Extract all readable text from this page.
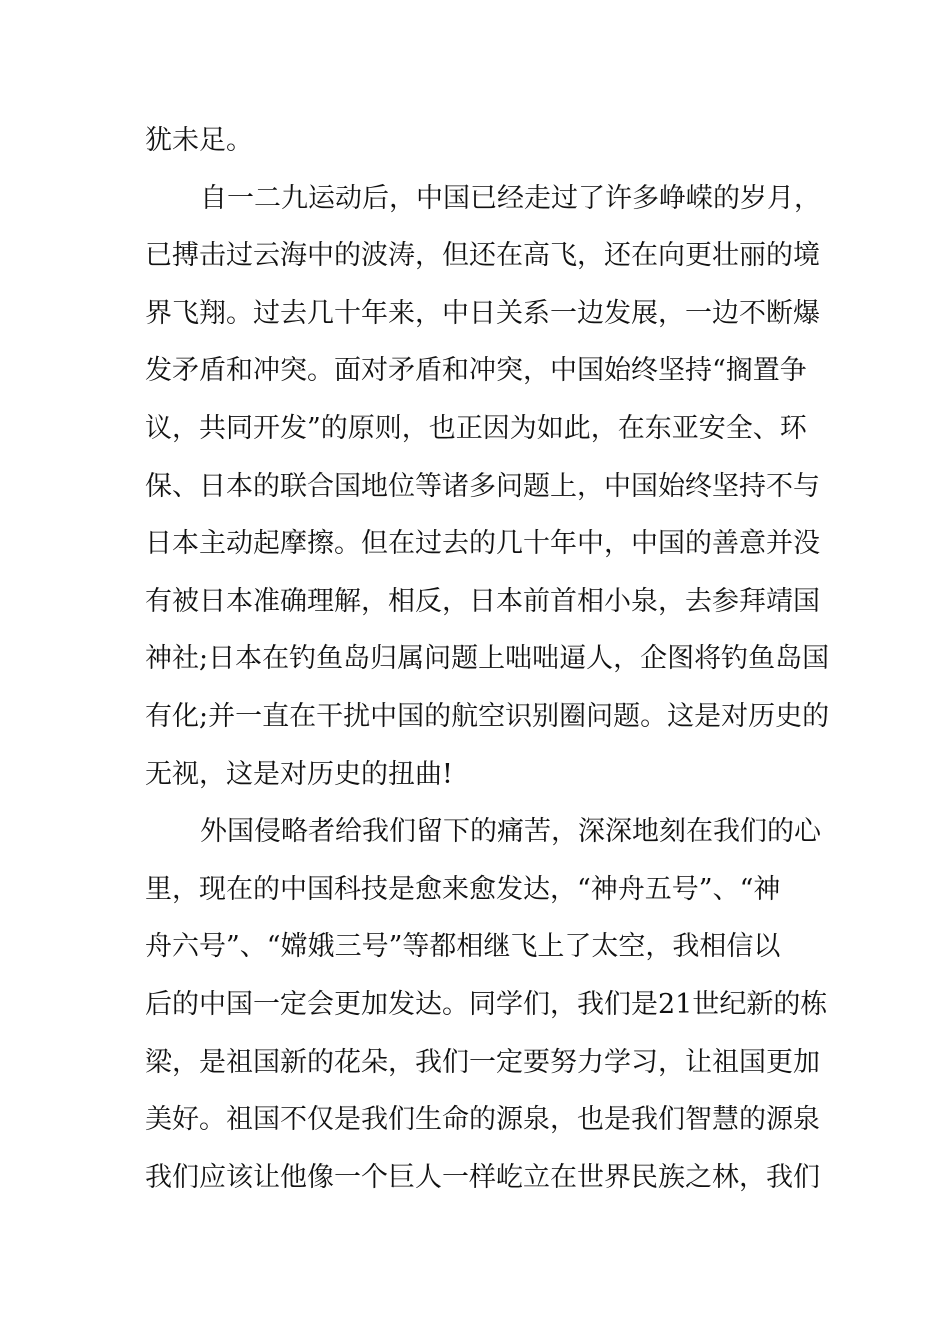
犹未足。
自一二九运动后，中国已经走过了许多峥嵘的岁月，
已搏击过云海中的波涛，但还在高飞，还在向更壮丽的境
界飞翔。过去几十年来，中日关系一边发展，一边不断爆
发矛盾和冲突。面对矛盾和冲突，中国始终坚持“搁置争
议，共同开发”的原则，也正因为如此，在东亚安全、环
保、日本的联合国地位等诸多问题上，中国始终坚持不与
日本主动起摩擦。但在过去的几十年中，中国的善意并没
有被日本准确理解，相反，日本前首相小泉，去参拜靖国
神社;日本在钓鱼岛归属问题上咄咄逼人，企图将钓鱼岛国
有化;并一直在干扰中国的航空识别圈问题。这是对历史的
无视，这是对历史的扭曲!
外国侵略者给我们留下的痛苦，深深地刻在我们的心
里，现在的中国科技是愈来愈发达，“神舟五号”、“神
舟六号”、“嫦娥三号”等都相继飞上了太空，我相信以
后的中国一定会更加发达。同学们，我们是21世纪新的栋
梁，是祖国新的花朵，我们一定要努力学习，让祖国更加
美好。祖国不仅是我们生命的源泉，也是我们智慧的源泉
我们应该让他像一个巨人一样屹立在世界民族之林，我们
